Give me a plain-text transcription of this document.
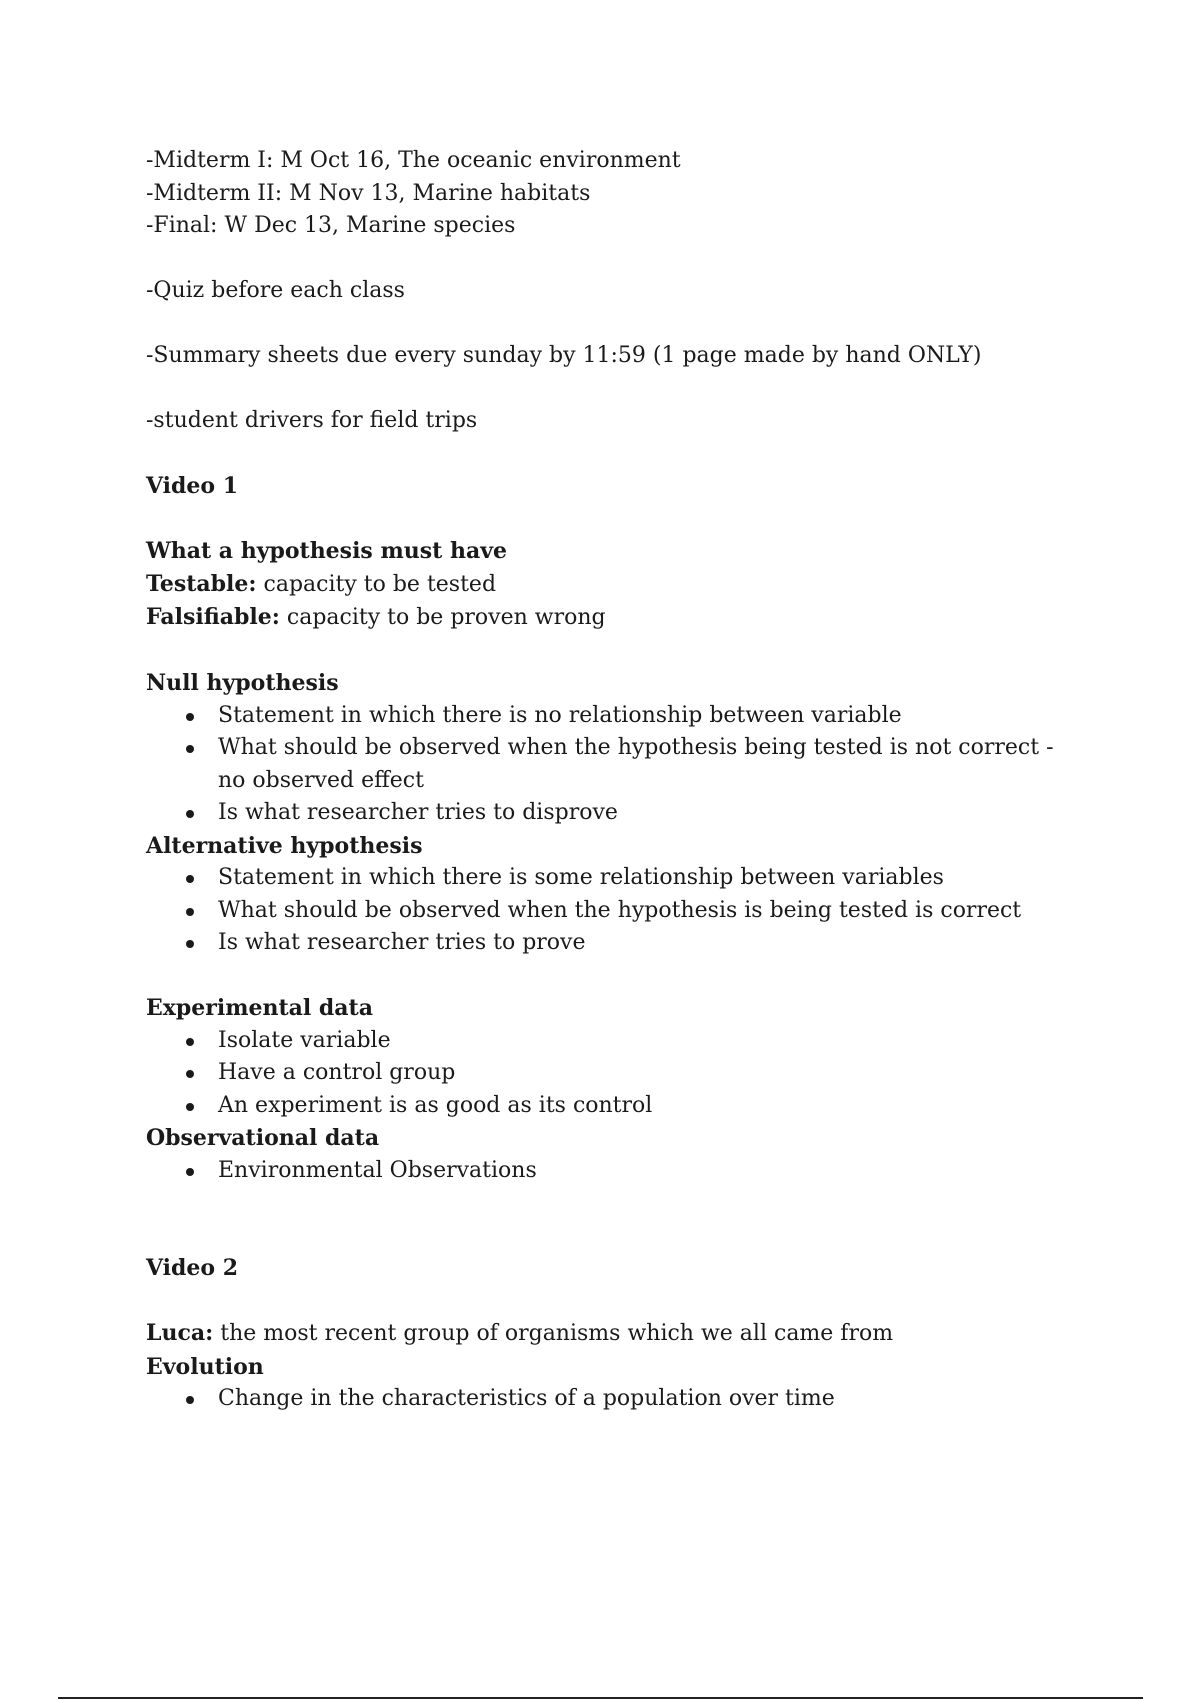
-Midterm I: M Oct 16, The oceanic environment

-Midterm II: M Nov 13, Marine habitats

-Final: W Dec 13, Marine species

-Quiz before each class

-Summary sheets due every sunday by 11:59 (1 page made by hand ONLY)

-student drivers for field trips

Video 1

What a hypothesis must have

Testable: capacity to be tested

Falsifiable: capacity to be proven wrong

Null hypothesis

Statement in which there is no relationship between variable
What should be observed when the hypothesis being tested is not correct - no observed effect
Is what researcher tries to disprove

Alternative hypothesis

Statement in which there is some relationship between variables
What should be observed when the hypothesis is being tested is correct
Is what researcher tries to prove

Experimental data

Isolate variable
Have a control group
An experiment is as good as its control

Observational data

Environmental Observations

Video 2

Luca: the most recent group of organisms which we all came from

Evolution

Change in the characteristics of a population over time
